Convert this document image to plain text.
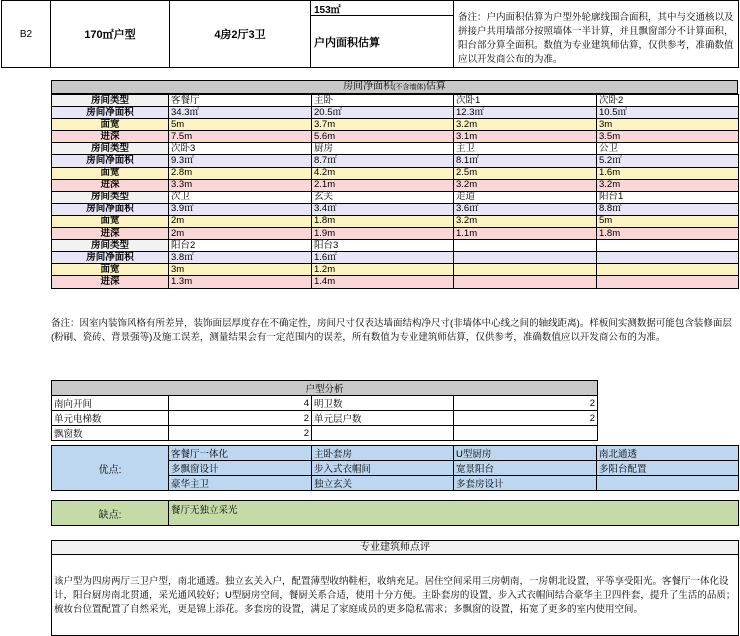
B2	170㎡户型	4房2厅3卫
153㎡
户内面积估算
备注：户内面积估算为户型外轮廓线围合面积，其中与交通核以及拼接户共用墙部分按照墙体一半计算，并且飘窗部分不计算面积，阳台部分算全面积。数值为专业建筑师估算，仅供参考，准确数值应以开发商公布的为准。
房间净面积(不含墙体)估算
房间类型	客餐厅	主卧	次卧1	次卧2
房间净面积	34.3㎡	20.5㎡	12.3㎡	10.5㎡
面宽	5m	3.7m	3.2m	3m
进深	7.5m	5.6m	3.1m	3.5m
房间类型	次卧3	厨房	主卫	公卫
房间净面积	9.3㎡	8.7㎡	8.1㎡	5.2㎡
面宽	2.8m	4.2m	2.5m	1.6m
进深	3.3m	2.1m	3.2m	3.2m
房间类型	次卫	玄关	走道	阳台1
房间净面积	3.9㎡	3.4㎡	3.6㎡	8.8㎡
面宽	2m	1.8m	3.2m	5m
进深	2m	1.9m	1.1m	1.8m
房间类型	阳台2	阳台3		
房间净面积	3.8㎡	1.6㎡		
面宽	3m	1.2m		
进深	1.3m	1.4m		
备注：因室内装饰风格有所差异，装饰面层厚度存在不确定性，房间尺寸仅表达墙面结构净尺寸(非墙体中心线之间的轴线距离)。样板间实测数据可能包含装修面层(粉刷、瓷砖、背景强等)及施工误差，测量结果会有一定范围内的误差，所有数值为专业建筑师估算，仅供参考，准确数值应以开发商公布的为准。
户型分析			
南向开间	4	明卫数	2
单元电梯数	2	单元层户数	2
飘窗数	2		
优点:	客餐厅一体化	主卧套房	U型厨房	南北通透
	多飘窗设计	步入式衣帽间	宽景阳台	多阳台配置
	豪华主卫	独立玄关	多套房设计	
缺点:	餐厅无独立采光
专业建筑师点评
该户型为四房两厅三卫户型，南北通透。独立玄关入户，配置薄型收纳鞋柜，收纳充足。居住空间采用三房朝南，一房朝北设置，平等享受阳光。客餐厅一体化设计，阳台厨房南北贯通，采光通风较好；U型厨房空间，餐厨关系合适，使用十分方便。主卧套房的设置，步入式衣帽间结合豪华主卫四件套，提升了生活的品质；梳妆台位置配置了自然采光，更是锦上添花。多套房的设置，满足了家庭成员的更多隐私需求；多飘窗的设置，拓宽了更多的室内使用空间。
